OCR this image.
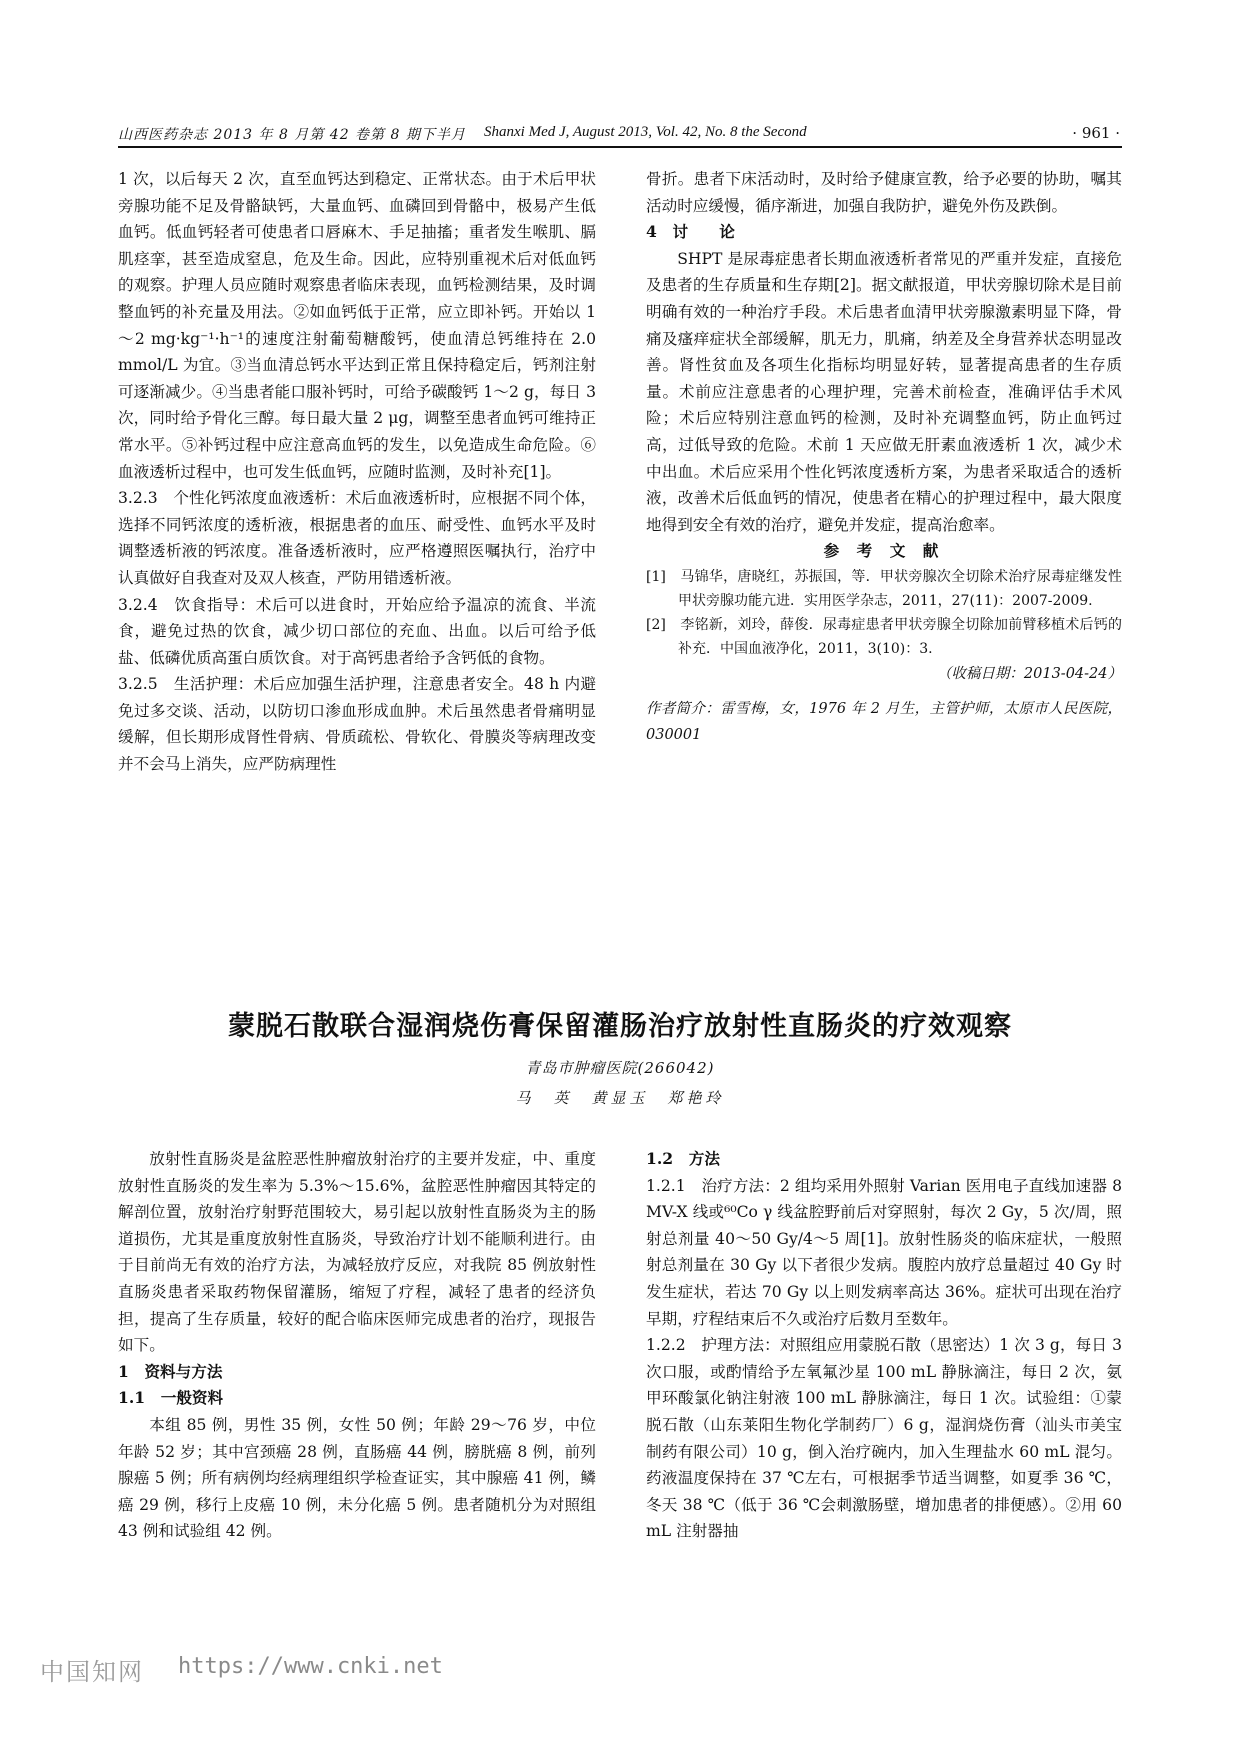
山西医药杂志 2013 年 8 月第 42 卷第 8 期下半月 Shanxi Med J, August 2013, Vol. 42, No. 8 the Second	· 961 ·

1 次，以后每天 2 次，直至血钙达到稳定、正常状态。由于术后甲状旁腺功能不足及骨骼缺钙，大量血钙、血磷回到骨骼中，极易产生低血钙。低血钙轻者可使患者口唇麻木、手足抽搐；重者发生喉肌、膈肌痉挛，甚至造成窒息，危及生命。因此，应特别重视术后对低血钙的观察。护理人员应随时观察患者临床表现，血钙检测结果，及时调整血钙的补充量及用法。②如血钙低于正常，应立即补钙。开始以 1～2 mg·kg⁻¹·h⁻¹的速度注射葡萄糖酸钙，使血清总钙维持在 2.0 mmol/L 为宜。③当血清总钙水平达到正常且保持稳定后，钙剂注射可逐渐减少。④当患者能口服补钙时，可给予碳酸钙 1～2 g，每日 3 次，同时给予骨化三醇。每日最大量 2 μg，调整至患者血钙可维持正常水平。⑤补钙过程中应注意高血钙的发生，以免造成生命危险。⑥血液透析过程中，也可发生低血钙，应随时监测，及时补充[1]。

3.2.3　个性化钙浓度血液透析：术后血液透析时，应根据不同个体，选择不同钙浓度的透析液，根据患者的血压、耐受性、血钙水平及时调整透析液的钙浓度。准备透析液时，应严格遵照医嘱执行，治疗中认真做好自我查对及双人核查，严防用错透析液。

3.2.4　饮食指导：术后可以进食时，开始应给予温凉的流食、半流食，避免过热的饮食，减少切口部位的充血、出血。以后可给予低盐、低磷优质高蛋白质饮食。对于高钙患者给予含钙低的食物。

3.2.5　生活护理：术后应加强生活护理，注意患者安全。48 h 内避免过多交谈、活动，以防切口渗血形成血肿。术后虽然患者骨痛明显缓解，但长期形成肾性骨病、骨质疏松、骨软化、骨膜炎等病理改变并不会马上消失，应严防病理性

骨折。患者下床活动时，及时给予健康宣教，给予必要的协助，嘱其活动时应缓慢，循序渐进，加强自我防护，避免外伤及跌倒。

4　讨　　论

SHPT 是尿毒症患者长期血液透析者常见的严重并发症，直接危及患者的生存质量和生存期[2]。据文献报道，甲状旁腺切除术是目前明确有效的一种治疗手段。术后患者血清甲状旁腺激素明显下降，骨痛及瘙痒症状全部缓解，肌无力，肌痛，纳差及全身营养状态明显改善。肾性贫血及各项生化指标均明显好转，显著提高患者的生存质量。术前应注意患者的心理护理，完善术前检查，准确评估手术风险；术后应特别注意血钙的检测，及时补充调整血钙，防止血钙过高，过低导致的危险。术前 1 天应做无肝素血液透析 1 次，减少术中出血。术后应采用个性化钙浓度透析方案，为患者采取适合的透析液，改善术后低血钙的情况，使患者在精心的护理过程中，最大限度地得到安全有效的治疗，避免并发症，提高治愈率。

参 考 文 献

[1]　马锦华，唐晓红，苏振国，等．甲状旁腺次全切除术治疗尿毒症继发性甲状旁腺功能亢进．实用医学杂志，2011，27(11)：2007-2009.

[2]　李铭新，刘玲，薛俊．尿毒症患者甲状旁腺全切除加前臂移植术后钙的补充．中国血液净化，2011，3(10)：3.

（收稿日期：2013-04-24）

作者简介：雷雪梅，女，1976 年 2 月生，主管护师，太原市人民医院，030001

蒙脱石散联合湿润烧伤膏保留灌肠治疗放射性直肠炎的疗效观察
青岛市肿瘤医院(266042)
马　英　黄显玉　郑艳玲

放射性直肠炎是盆腔恶性肿瘤放射治疗的主要并发症，中、重度放射性直肠炎的发生率为 5.3%～15.6%，盆腔恶性肿瘤因其特定的解剖位置，放射治疗射野范围较大，易引起以放射性直肠炎为主的肠道损伤，尤其是重度放射性直肠炎，导致治疗计划不能顺利进行。由于目前尚无有效的治疗方法，为减轻放疗反应，对我院 85 例放射性直肠炎患者采取药物保留灌肠，缩短了疗程，减轻了患者的经济负担，提高了生存质量，较好的配合临床医师完成患者的治疗，现报告如下。

1　资料与方法

1.1　一般资料

本组 85 例，男性 35 例，女性 50 例；年龄 29～76 岁，中位年龄 52 岁；其中宫颈癌 28 例，直肠癌 44 例，膀胱癌 8 例，前列腺癌 5 例；所有病例均经病理组织学检查证实，其中腺癌 41 例，鳞癌 29 例，移行上皮癌 10 例，未分化癌 5 例。患者随机分为对照组 43 例和试验组 42 例。

1.2　方法

1.2.1　治疗方法：2 组均采用外照射 Varian 医用电子直线加速器 8 MV-X 线或⁶⁰Co γ 线盆腔野前后对穿照射，每次 2 Gy，5 次/周，照射总剂量 40～50 Gy/4～5 周[1]。放射性肠炎的临床症状，一般照射总剂量在 30 Gy 以下者很少发病。腹腔内放疗总量超过 40 Gy 时发生症状，若达 70 Gy 以上则发病率高达 36%。症状可出现在治疗早期，疗程结束后不久或治疗后数月至数年。

1.2.2　护理方法：对照组应用蒙脱石散（思密达）1 次 3 g，每日 3 次口服，或酌情给予左氧氟沙星 100 mL 静脉滴注，每日 2 次，氨甲环酸氯化钠注射液 100 mL 静脉滴注，每日 1 次。试验组：①蒙脱石散（山东莱阳生物化学制药厂）6 g，湿润烧伤膏（汕头市美宝制药有限公司）10 g，倒入治疗碗内，加入生理盐水 60 mL 混匀。药液温度保持在 37 ℃左右，可根据季节适当调整，如夏季 36 ℃，冬天 38 ℃（低于 36 ℃会刺激肠壁，增加患者的排便感）。②用 60 mL 注射器抽

中国知网 https://www.cnki.net
